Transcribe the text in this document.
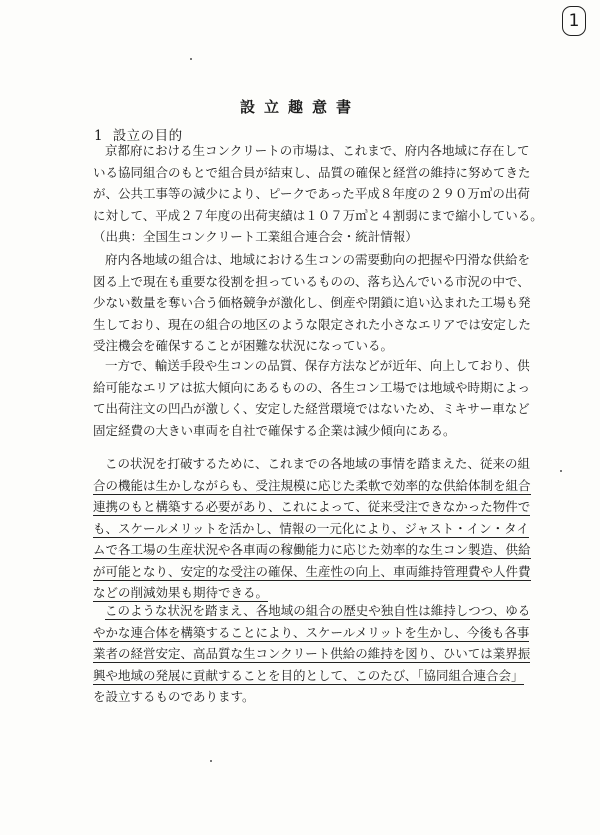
1
設立趣意書
1 設立の目的
京都府における生コンクリートの市場は、これまで、府内各地域に存在して
いる協同組合のもとで組合員が結束し、品質の確保と経営の維持に努めてきた
が、公共工事等の減少により、ピークであった平成８年度の２９０万㎥の出荷
に対して、平成２７年度の出荷実績は１０７万㎥と４割弱にまで縮小している。
（出典：全国生コンクリート工業組合連合会・統計情報）
府内各地域の組合は、地域における生コンの需要動向の把握や円滑な供給を
図る上で現在も重要な役割を担っているものの、落ち込んでいる市況の中で、
少ない数量を奪い合う価格競争が激化し、倒産や閉鎖に追い込まれた工場も発
生しており、現在の組合の地区のような限定された小さなエリアでは安定した
受注機会を確保することが困難な状況になっている。
一方で、輸送手段や生コンの品質、保存方法などが近年、向上しており、供
給可能なエリアは拡大傾向にあるものの、各生コン工場では地域や時期によっ
て出荷注文の凹凸が激しく、安定した経営環境ではないため、ミキサー車など
固定経費の大きい車両を自社で確保する企業は減少傾向にある。
この状況を打破するために、これまでの各地域の事情を踏まえた、従来の組
合の機能は生かしながらも、受注規模に応じた柔軟で効率的な供給体制を組合
連携のもと構築する必要があり、これによって、従来受注できなかった物件で
も、スケールメリットを活かし、情報の一元化により、ジャスト・イン・タイ
ムで各工場の生産状況や各車両の稼働能力に応じた効率的な生コン製造、供給
が可能となり、安定的な受注の確保、生産性の向上、車両維持管理費や人件費
などの削減効果も期待できる。
このような状況を踏まえ、各地域の組合の歴史や独自性は維持しつつ、ゆる
やかな連合体を構築することにより、スケールメリットを生かし、今後も各事
業者の経営安定、高品質な生コンクリート供給の維持を図り、ひいては業界振
興や地域の発展に貢献することを目的として、このたび、「協同組合連合会」
を設立するものであります。
